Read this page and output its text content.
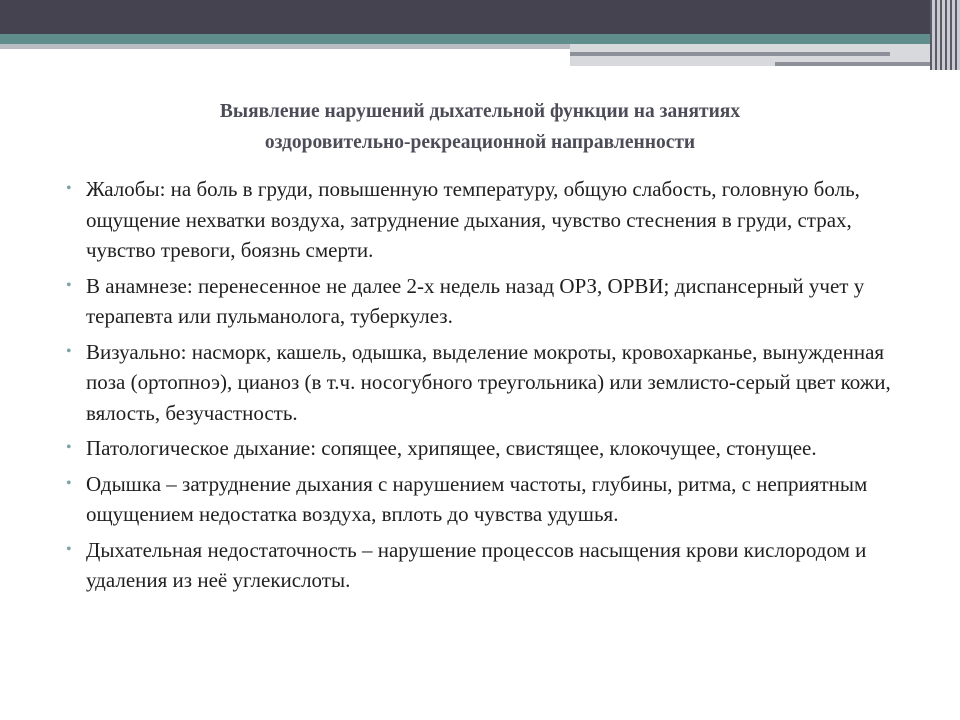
Выявление нарушений дыхательной функции на занятиях
оздоровительно-рекреационной направленности
• Жалобы: на боль в груди, повышенную температуру, общую слабость, головную боль, ощущение нехватки воздуха, затруднение дыхания, чувство стеснения в груди, страх, чувство тревоги, боязнь смерти.
• В анамнезе: перенесенное не далее 2-х недель назад ОРЗ, ОРВИ; диспансерный учет у терапевта или пульманолога, туберкулез.
• Визуально: насморк, кашель, одышка, выделение мокроты, кровохарканье, вынужденная поза (ортопноэ), цианоз (в т.ч. носогубного треугольника) или землисто-серый цвет кожи, вялость, безучастность.
• Патологическое дыхание: сопящее, хрипящее, свистящее, клокочущее, стонущее.
• Одышка – затруднение дыхания с нарушением частоты, глубины, ритма, с неприятным ощущением недостатка воздуха, вплоть до чувства удушья.
• Дыхательная недостаточность – нарушение процессов насыщения крови кислородом и удаления из неё углекислоты.
